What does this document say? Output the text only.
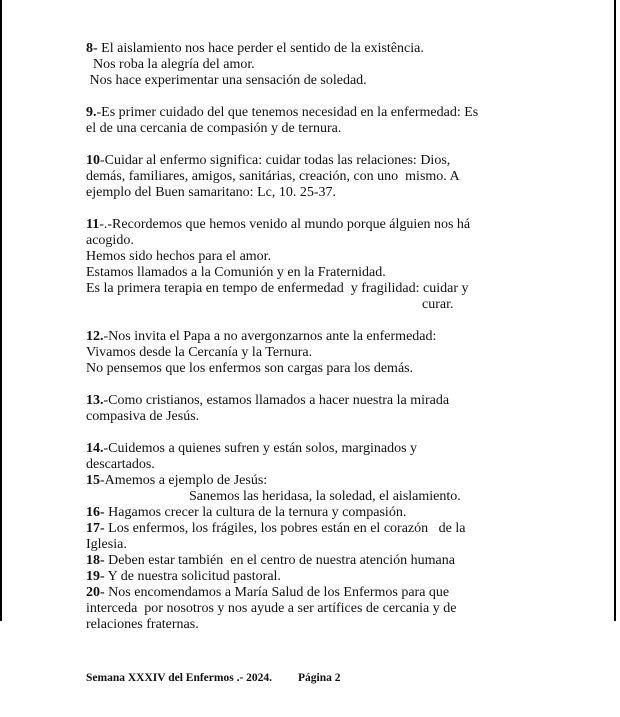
8- El aislamiento nos hace perder el sentido de la existência.
Nos roba la alegría del amor.
Nos hace experimentar una sensación de soledad.
9.-Es primer cuidado del que tenemos necesidad en la enfermedad: Es
el de una cercania de compasión y de ternura.
10-Cuidar al enfermo significa: cuidar todas las relaciones: Dios,
demás, familiares, amigos, sanitárias, creación, con uno  mismo. A
ejemplo del Buen samaritano: Lc, 10. 25-37.
11-.-Recordemos que hemos venido al mundo porque álguien nos há
acogido.
Hemos sido hechos para el amor.
Estamos llamados a la Comunión y en la Fraternidad.
Es la primera terapia en tempo de enfermedad  y fragilidad: cuidar y
curar.
12.-Nos invita el Papa a no avergonzarnos ante la enfermedad:
Vivamos desde la Cercanía y la Ternura.
No pensemos que los enfermos son cargas para los demás.
13.-Como cristianos, estamos llamados a hacer nuestra la mirada
compasiva de Jesús.
14.-Cuidemos a quienes sufren y están solos, marginados y
descartados.
15-Amemos a ejemplo de Jesús:
Sanemos las heridasa, la soledad, el aislamiento.
16- Hagamos crecer la cultura de la ternura y compasión.
17- Los enfermos, los frágiles, los pobres están en el corazón   de la
Iglesia.
18- Deben estar también  en el centro de nuestra atención humana
19- Y de nuestra solicitud pastoral.
20- Nos encomendamos a María Salud de los Enfermos para que
interceda  por nosotros y nos ayude a ser artífices de cercania y de
relaciones fraternas.

Semana XXXIV del Enfermos .- 2024. Página 2
